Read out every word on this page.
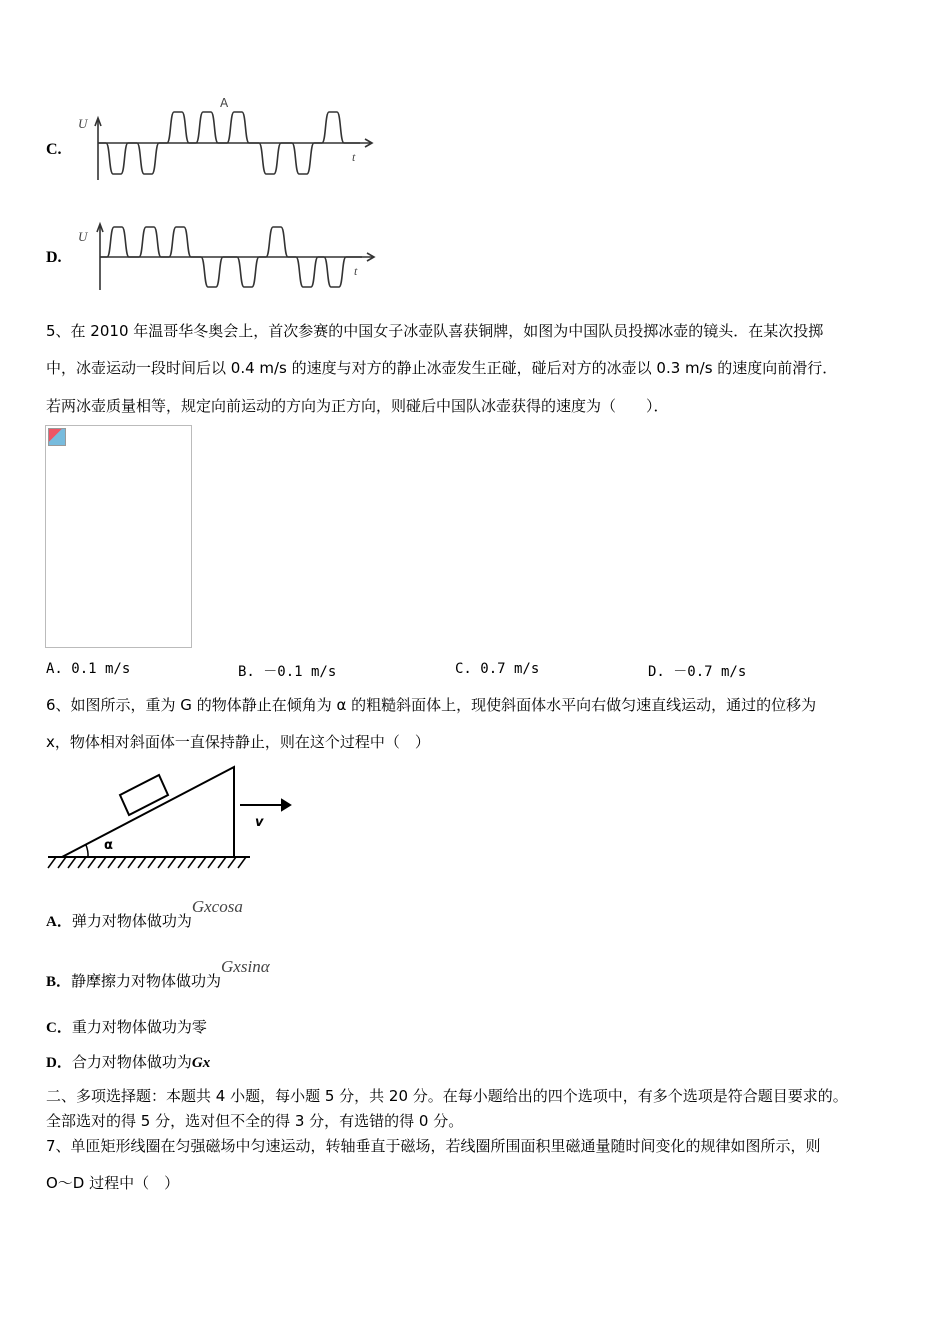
A
U
t
U
t
C.
D.
5、在 2010 年温哥华冬奥会上，首次参赛的中国女子冰壶队喜获铜牌，如图为中国队员投掷冰壶的镜头．在某次投掷
中，冰壶运动一段时间后以 0.4 m/s 的速度与对方的静止冰壶发生正碰，碰后对方的冰壶以 0.3 m/s 的速度向前滑行．
若两冰壶质量相等，规定向前运动的方向为正方向，则碰后中国队冰壶获得的速度为（　　）．
A. 0.1 m/s	B. －0.1 m/s	C. 0.7 m/s	D. －0.7 m/s
6、如图所示，重为 G 的物体静止在倾角为 α 的粗糙斜面体上，现使斜面体水平向右做匀速直线运动，通过的位移为
x，物体相对斜面体一直保持静止，则在这个过程中（　）
α
v
A．弹力对物体做功为Gxcosa
B．静摩擦力对物体做功为Gxsinα
C．重力对物体做功为零
D．合力对物体做功为Gx
二、多项选择题：本题共 4 小题，每小题 5 分，共 20 分。在每小题给出的四个选项中，有多个选项是符合题目要求的。
全部选对的得 5 分，选对但不全的得 3 分，有选错的得 0 分。
7、单匝矩形线圈在匀强磁场中匀速运动，转轴垂直于磁场，若线圈所围面积里磁通量随时间变化的规律如图所示，则
O～D 过程中（　）
